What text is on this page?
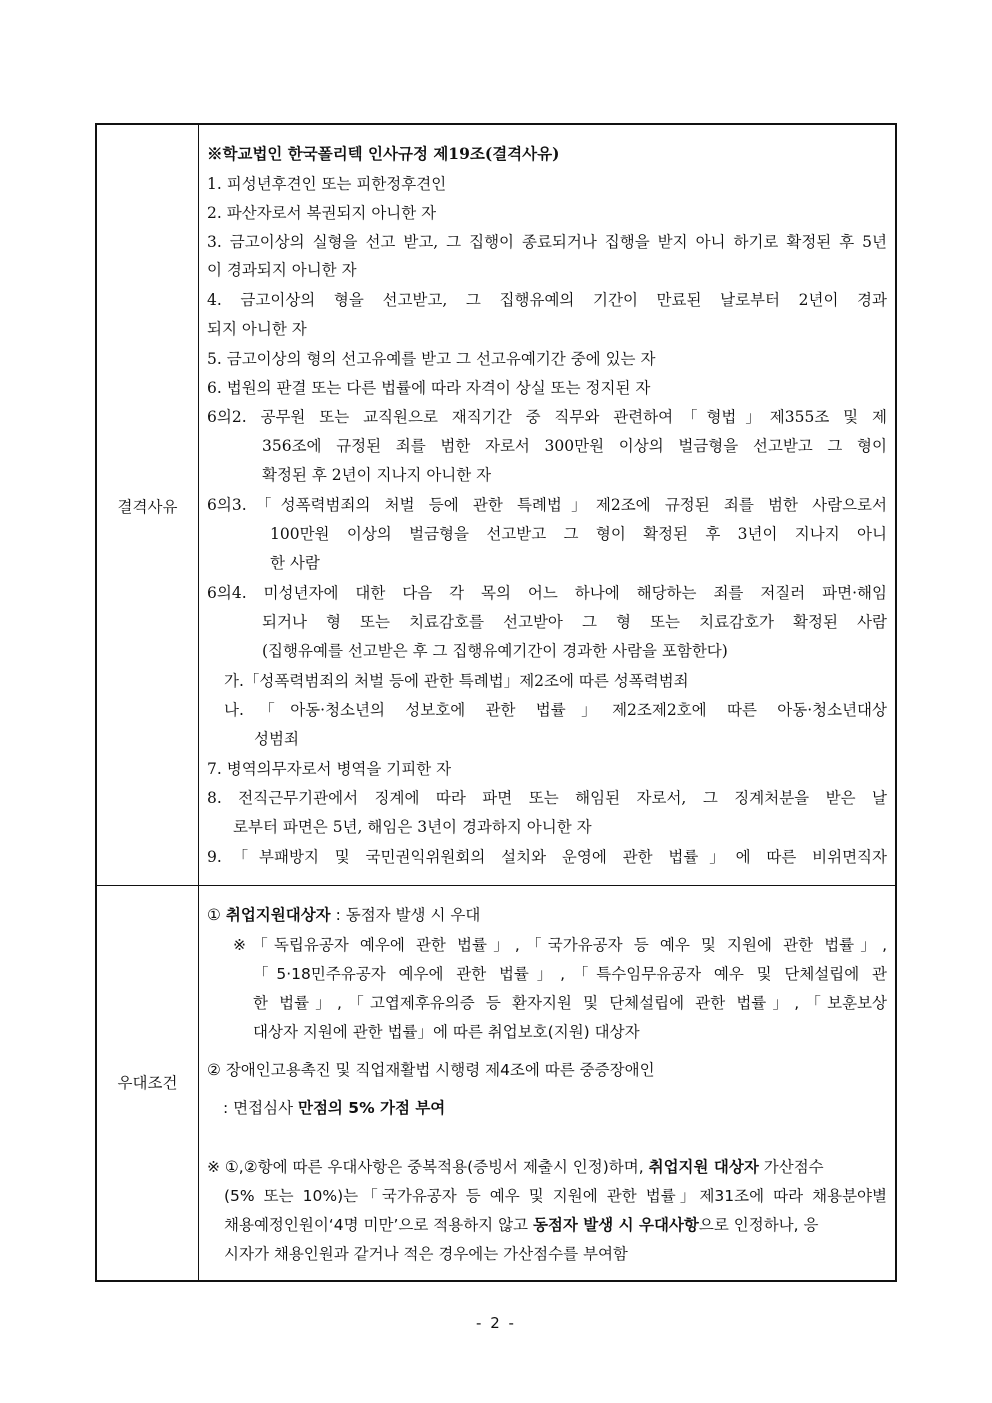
결격사유
※학교법인 한국폴리텍 인사규정 제19조(결격사유)
1. 피성년후견인 또는 피한정후견인
2. 파산자로서 복권되지 아니한 자
3. 금고이상의 실형을 선고 받고, 그 집행이 종료되거나 집행을 받지 아니 하기로 확정된 후 5년
이 경과되지 아니한 자
4. 금고이상의 형을 선고받고, 그 집행유예의 기간이 만료된 날로부터 2년이 경과
되지 아니한 자
5. 금고이상의 형의 선고유예를 받고 그 선고유예기간 중에 있는 자
6. 법원의 판결 또는 다른 법률에 따라 자격이 상실 또는 정지된 자
6의2. 공무원 또는 교직원으로 재직기간 중 직무와 관련하여「형법」제355조 및 제
356조에 규정된 죄를 범한 자로서 300만원 이상의 벌금형을 선고받고 그 형이
확정된 후 2년이 지나지 아니한 자
6의3.「성폭력범죄의 처벌 등에 관한 특례법」제2조에 규정된 죄를 범한 사람으로서
100만원 이상의 벌금형을 선고받고 그 형이 확정된 후 3년이 지나지 아니
한 사람
6의4. 미성년자에 대한 다음 각 목의 어느 하나에 해당하는 죄를 저질러 파면·해임
되거나 형 또는 치료감호를 선고받아 그 형 또는 치료감호가 확정된 사람
(집행유예를 선고받은 후 그 집행유예기간이 경과한 사람을 포함한다)
가.「성폭력범죄의 처벌 등에 관한 특례법」제2조에 따른 성폭력범죄
나.「아동·청소년의 성보호에 관한 법률」제2조제2호에 따른 아동·청소년대상
성범죄
7. 병역의무자로서 병역을 기피한 자
8. 전직근무기관에서 징계에 따라 파면 또는 해임된 자로서, 그 징계처분을 받은 날
로부터 파면은 5년, 해임은 3년이 경과하지 아니한 자
9.「부패방지 및 국민권익위원회의 설치와 운영에 관한 법률」에 따른 비위면직자
우대조건
① 취업지원대상자 : 동점자 발생 시 우대
※「독립유공자 예우에 관한 법률」,「국가유공자 등 예우 및 지원에 관한 법률」,
「5·18민주유공자 예우에 관한 법률」,「특수임무유공자 예우 및 단체설립에 관
한 법률」,「고엽제후유의증 등 환자지원 및 단체설립에 관한 법률」,「보훈보상
대상자 지원에 관한 법률」에 따른 취업보호(지원) 대상자
② 장애인고용촉진 및 직업재활법 시행령 제4조에 따른 중증장애인
: 면접심사 만점의 5% 가점 부여
※ ①,②항에 따른 우대사항은 중복적용(증빙서 제출시 인정)하며, 취업지원 대상자 가산점수
(5% 또는 10%)는「국가유공자 등 예우 및 지원에 관한 법률」제31조에 따라 채용분야별
채용예정인원이‘4명 미만’으로 적용하지 않고 동점자 발생 시 우대사항으로 인정하나, 응
시자가 채용인원과 같거나 적은 경우에는 가산점수를 부여함
- 2 -
